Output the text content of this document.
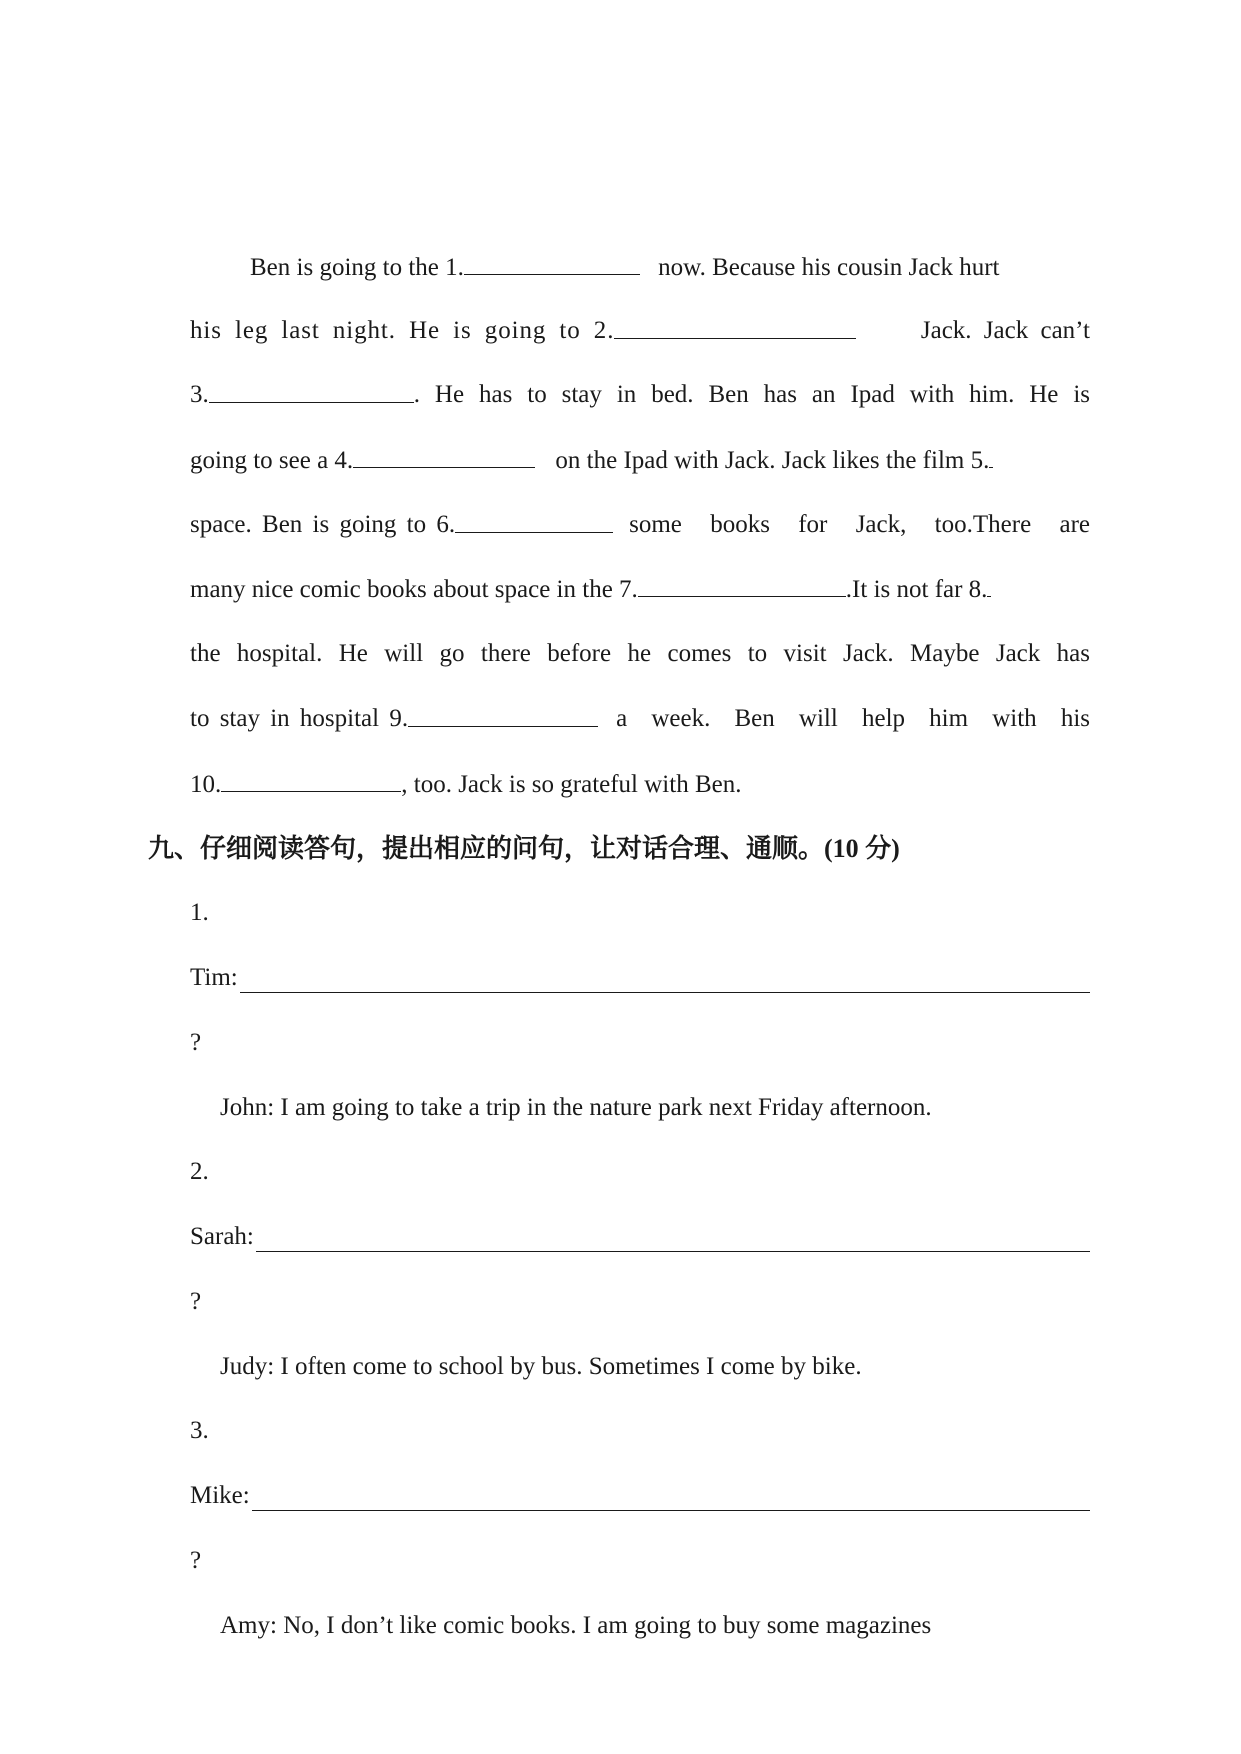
Ben is going to the 1.	now. Because his cousin Jack hurt
his leg last night. He is going to 2.	Jack. Jack can’t
3.	. He has to stay in bed. Ben has an Ipad with him. He is
going to see a 4.	on the Ipad with Jack. Jack likes the film 5.
space. Ben is going to 6.	some books for Jack, too.There are
many nice comic books about space in the 7.	.It is not far 8.
the hospital. He will go there before he comes to visit Jack. Maybe Jack has
to stay in hospital 9.	a week. Ben will help him with his
10.	, too. Jack is so grateful with Ben.
九、仔细阅读答句，提出相应的问句，让对话合理、通顺。(10 分)
1.
Tim:
?
John: I am going to take a trip in the nature park next Friday afternoon.
2.
Sarah:
?
Judy: I often come to school by bus. Sometimes I come by bike.
3.
Mike:
?
Amy: No, I don’t like comic books. I am going to buy some magazines
